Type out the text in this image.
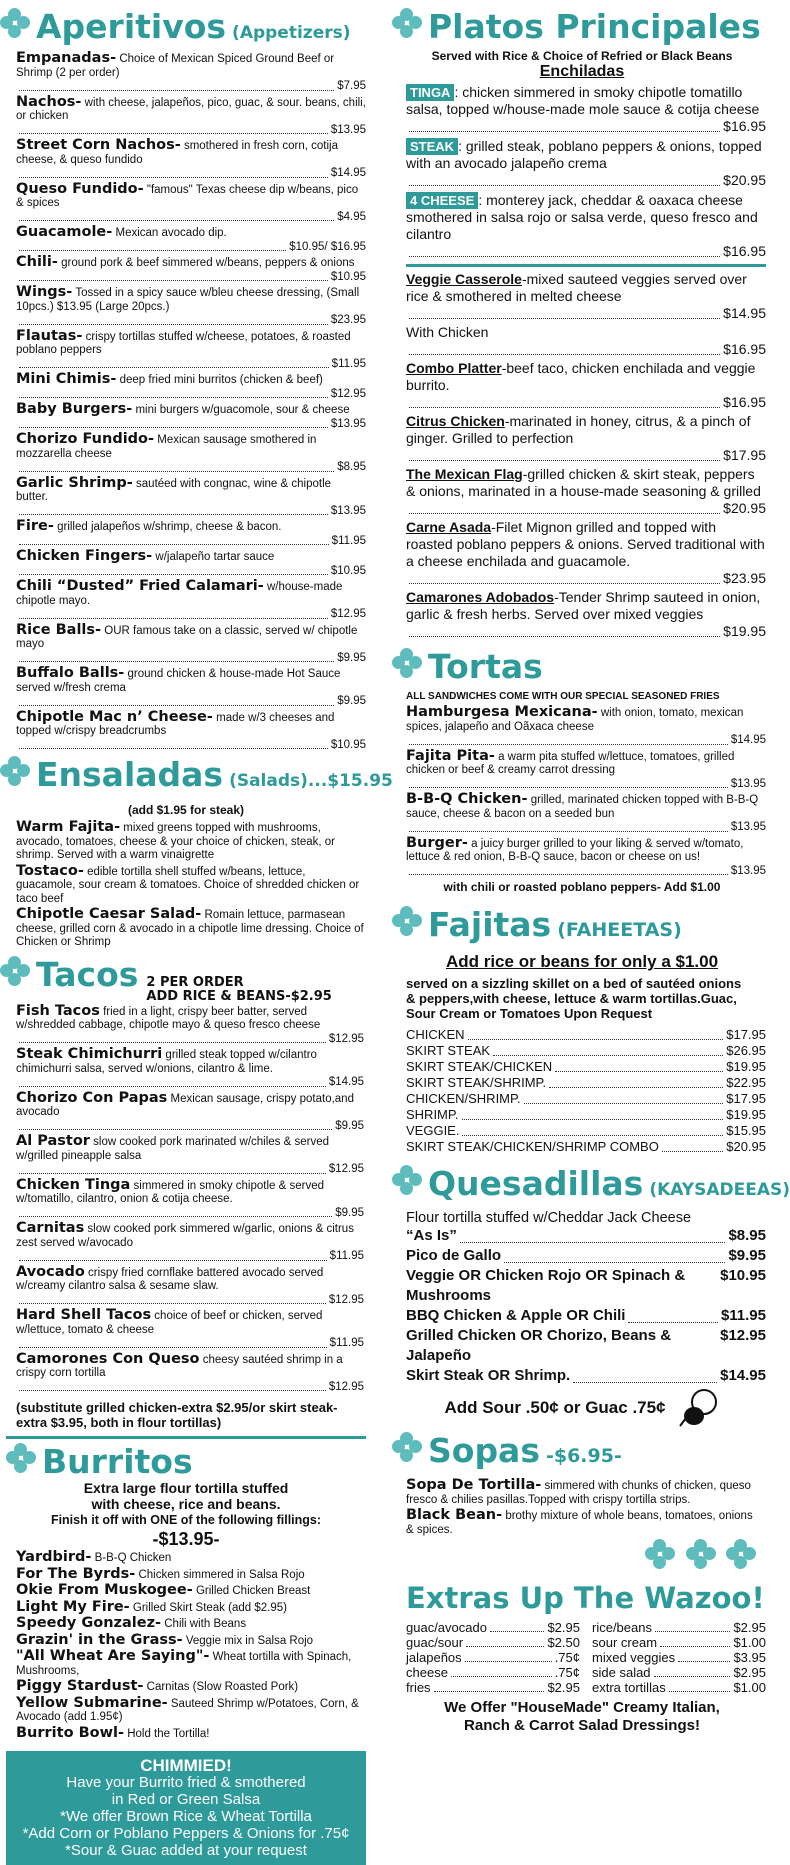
Aperitivos (Appetizers)
Empanadas- Choice of Mexican Spiced Ground Beef or Shrimp (2 per order)
$7.95
Nachos- with cheese, jalapeños, pico, guac, & sour. beans, chili, or chicken
$13.95
Street Corn Nachos- smothered in fresh corn, cotija cheese, & queso fundido
$14.95
Queso Fundido- "famous" Texas cheese dip w/beans, pico & spices
$4.95
Guacamole- Mexican avocado dip.
$10.95/ $16.95
Chili- ground pork & beef simmered w/beans, peppers & onions
$10.95
Wings- Tossed in a spicy sauce w/bleu cheese dressing, (Small 10pcs.) $13.95 (Large 20pcs.)
$23.95
Flautas- crispy tortillas stuffed w/cheese, potatoes, & roasted poblano peppers
$11.95
Mini Chimis- deep fried mini burritos (chicken & beef)
$12.95
Baby Burgers- mini burgers w/guacomole, sour & cheese
$13.95
Chorizo Fundido- Mexican sausage smothered in mozzarella cheese
$8.95
Garlic Shrimp- sautéed with congnac, wine & chipotle butter.
$13.95
Fire- grilled jalapeños w/shrimp, cheese & bacon.
$11.95
Chicken Fingers- w/jalapeño tartar sauce
$10.95
Chili “Dusted” Fried Calamari- w/house-made chipotle mayo.
$12.95
Rice Balls- OUR famous take on a classic, served w/ chipotle mayo
$9.95
Buffalo Balls- ground chicken & house-made Hot Sauce served w/fresh crema
$9.95
Chipotle Mac n’ Cheese- made w/3 cheeses and topped w/crispy breadcrumbs
$10.95
Ensaladas (Salads)...$15.95
(add $1.95 for steak)
Warm Fajita- mixed greens topped with mushrooms, avocado, tomatoes, cheese & your choice of chicken, steak, or shrimp. Served with a warm vinaigrette
Tostaco- edible tortilla shell stuffed w/beans, lettuce, guacamole, sour cream & tomatoes. Choice of shredded chicken or taco beef
Chipotle Caesar Salad- Romain lettuce, parmasean cheese, grilled corn & avocado in a chipotle lime dressing. Choice of Chicken or Shrimp
Tacos 2 PER ORDER
ADD RICE & BEANS-$2.95
Fish Tacos fried in a light, crispy beer batter, served w/shredded cabbage, chipotle mayo & queso fresco cheese
$12.95
Steak Chimichurri grilled steak topped w/cilantro chimichurri salsa, served w/onions, cilantro & lime.
$14.95
Chorizo Con Papas Mexican sausage, crispy potato,and avocado
$9.95
Al Pastor slow cooked pork marinated w/chiles & served w/grilled pineapple salsa
$12.95
Chicken Tinga simmered in smoky chipotle & served w/tomatillo, cilantro, onion & cotija cheese.
$9.95
Carnitas slow cooked pork simmered w/garlic, onions & citrus zest served w/avocado
$11.95
Avocado crispy fried cornflake battered avocado served w/creamy cilantro salsa & sesame slaw.
$12.95
Hard Shell Tacos choice of beef or chicken, served w/lettuce, tomato & cheese
$11.95
Camorones Con Queso cheesy sautéed shrimp in a crispy corn tortilla
$12.95
(substitute grilled chicken-extra $2.95/or skirt steak-extra $3.95, both in flour tortillas)
Burritos
Extra large flour tortilla stuffed
with cheese, rice and beans.
Finish it off with ONE of the following fillings:
-$13.95-
Yardbird- B-B-Q Chicken
For The Byrds- Chicken simmered in Salsa Rojo
Okie From Muskogee- Grilled Chicken Breast
Light My Fire- Grilled Skirt Steak (add $2.95)
Speedy Gonzalez- Chili with Beans
Grazin' in the Grass- Veggie mix in Salsa Rojo
"All Wheat Are Saying"- Wheat tortilla with Spinach, Mushrooms,
Piggy Stardust- Carnitas (Slow Roasted Pork)
Yellow Submarine- Sauteed Shrimp w/Potatoes, Corn, & Avocado (add 1.95¢)
Burrito Bowl- Hold the Tortilla!
CHIMMIED!
Have your Burrito fried & smothered
in Red or Green Salsa
*We offer Brown Rice & Wheat Tortilla
*Add Corn or Poblano Peppers & Onions for .75¢
*Sour & Guac added at your request
Platos Principales
Served with Rice & Choice of Refried or Black Beans
Enchiladas
TINGA : chicken simmered in smoky chipotle tomatillo salsa, topped w/house-made mole sauce & cotija cheese
$16.95
STEAK : grilled steak, poblano peppers & onions, topped with an avocado jalapeño crema
$20.95
4 CHEESE : monterey jack, cheddar & oaxaca cheese smothered in salsa rojo or salsa verde, queso fresco and cilantro
$16.95
Veggie Casserole-mixed sauteed veggies served over rice & smothered in melted cheese
$14.95
With Chicken
$16.95
Combo Platter-beef taco, chicken enchilada and veggie burrito.
$16.95
Citrus Chicken-marinated in honey, citrus, & a pinch of ginger. Grilled to perfection
$17.95
The Mexican Flag-grilled chicken & skirt steak, peppers & onions, marinated in a house-made seasoning & grilled
$20.95
Carne Asada-Filet Mignon grilled and topped with roasted poblano peppers & onions. Served traditional with a cheese enchilada and guacamole.
$23.95
Camarones Adobados-Tender Shrimp sauteed in onion, garlic & fresh herbs. Served over mixed veggies
$19.95
Tortas
ALL SANDWICHES COME WITH OUR SPECIAL SEASONED FRIES
Hamburgesa Mexicana- with onion, tomato, mexican spices, jalapeño and Oãxaca cheese
$14.95
Fajita Pita- a warm pita stuffed w/lettuce, tomatoes, grilled chicken or beef & creamy carrot dressing
$13.95
B-B-Q Chicken- grilled, marinated chicken topped with B-B-Q sauce, cheese & bacon on a seeded bun
$13.95
Burger- a juicy burger grilled to your liking & served w/tomato, lettuce & red onion, B-B-Q sauce, bacon or cheese on us!
$13.95
with chili or roasted poblano peppers- Add $1.00
Fajitas (FAHEETAS)
Add rice or beans for only a $1.00
served on a sizzling skillet on a bed of sautéed onions & peppers,with cheese, lettuce & warm tortillas.Guac, Sour Cream or Tomatoes Upon Request
CHICKEN	$17.95
SKIRT STEAK	$26.95
SKIRT STEAK/CHICKEN	$19.95
SKIRT STEAK/SHRIMP.	$22.95
CHICKEN/SHRIMP.	$17.95
SHRIMP.	$19.95
VEGGIE.	$15.95
SKIRT STEAK/CHICKEN/SHRIMP COMBO	$20.95
Quesadillas (KAYSADEEAS)
Flour tortilla stuffed w/Cheddar Jack Cheese
“As Is”	$8.95
Pico de Gallo	$9.95
Veggie OR Chicken Rojo OR Spinach & Mushrooms
$10.95
BBQ Chicken & Apple OR Chili	$11.95
Grilled Chicken OR Chorizo, Beans & Jalapeño
$12.95
Skirt Steak OR Shrimp.	$14.95
Add Sour .50¢ or Guac .75¢
Sopas -$6.95-
Sopa De Tortilla- simmered with chunks of chicken, queso fresco & chilies pasillas.Topped with crispy tortilla strips.
Black Bean- brothy mixture of whole beans, tomatoes, onions & spices.

Extras Up The Wazoo!
guac/avocado	$2.95 rice/beans	$2.95
guac/sour	$2.50 sour cream	$1.00
jalapeños	.75¢ mixed veggies	$3.95
cheese	.75¢ side salad	$2.95
fries	$2.95 extra tortillas	$1.00
We Offer "HouseMade" Creamy Italian,
Ranch & Carrot Salad Dressings!
